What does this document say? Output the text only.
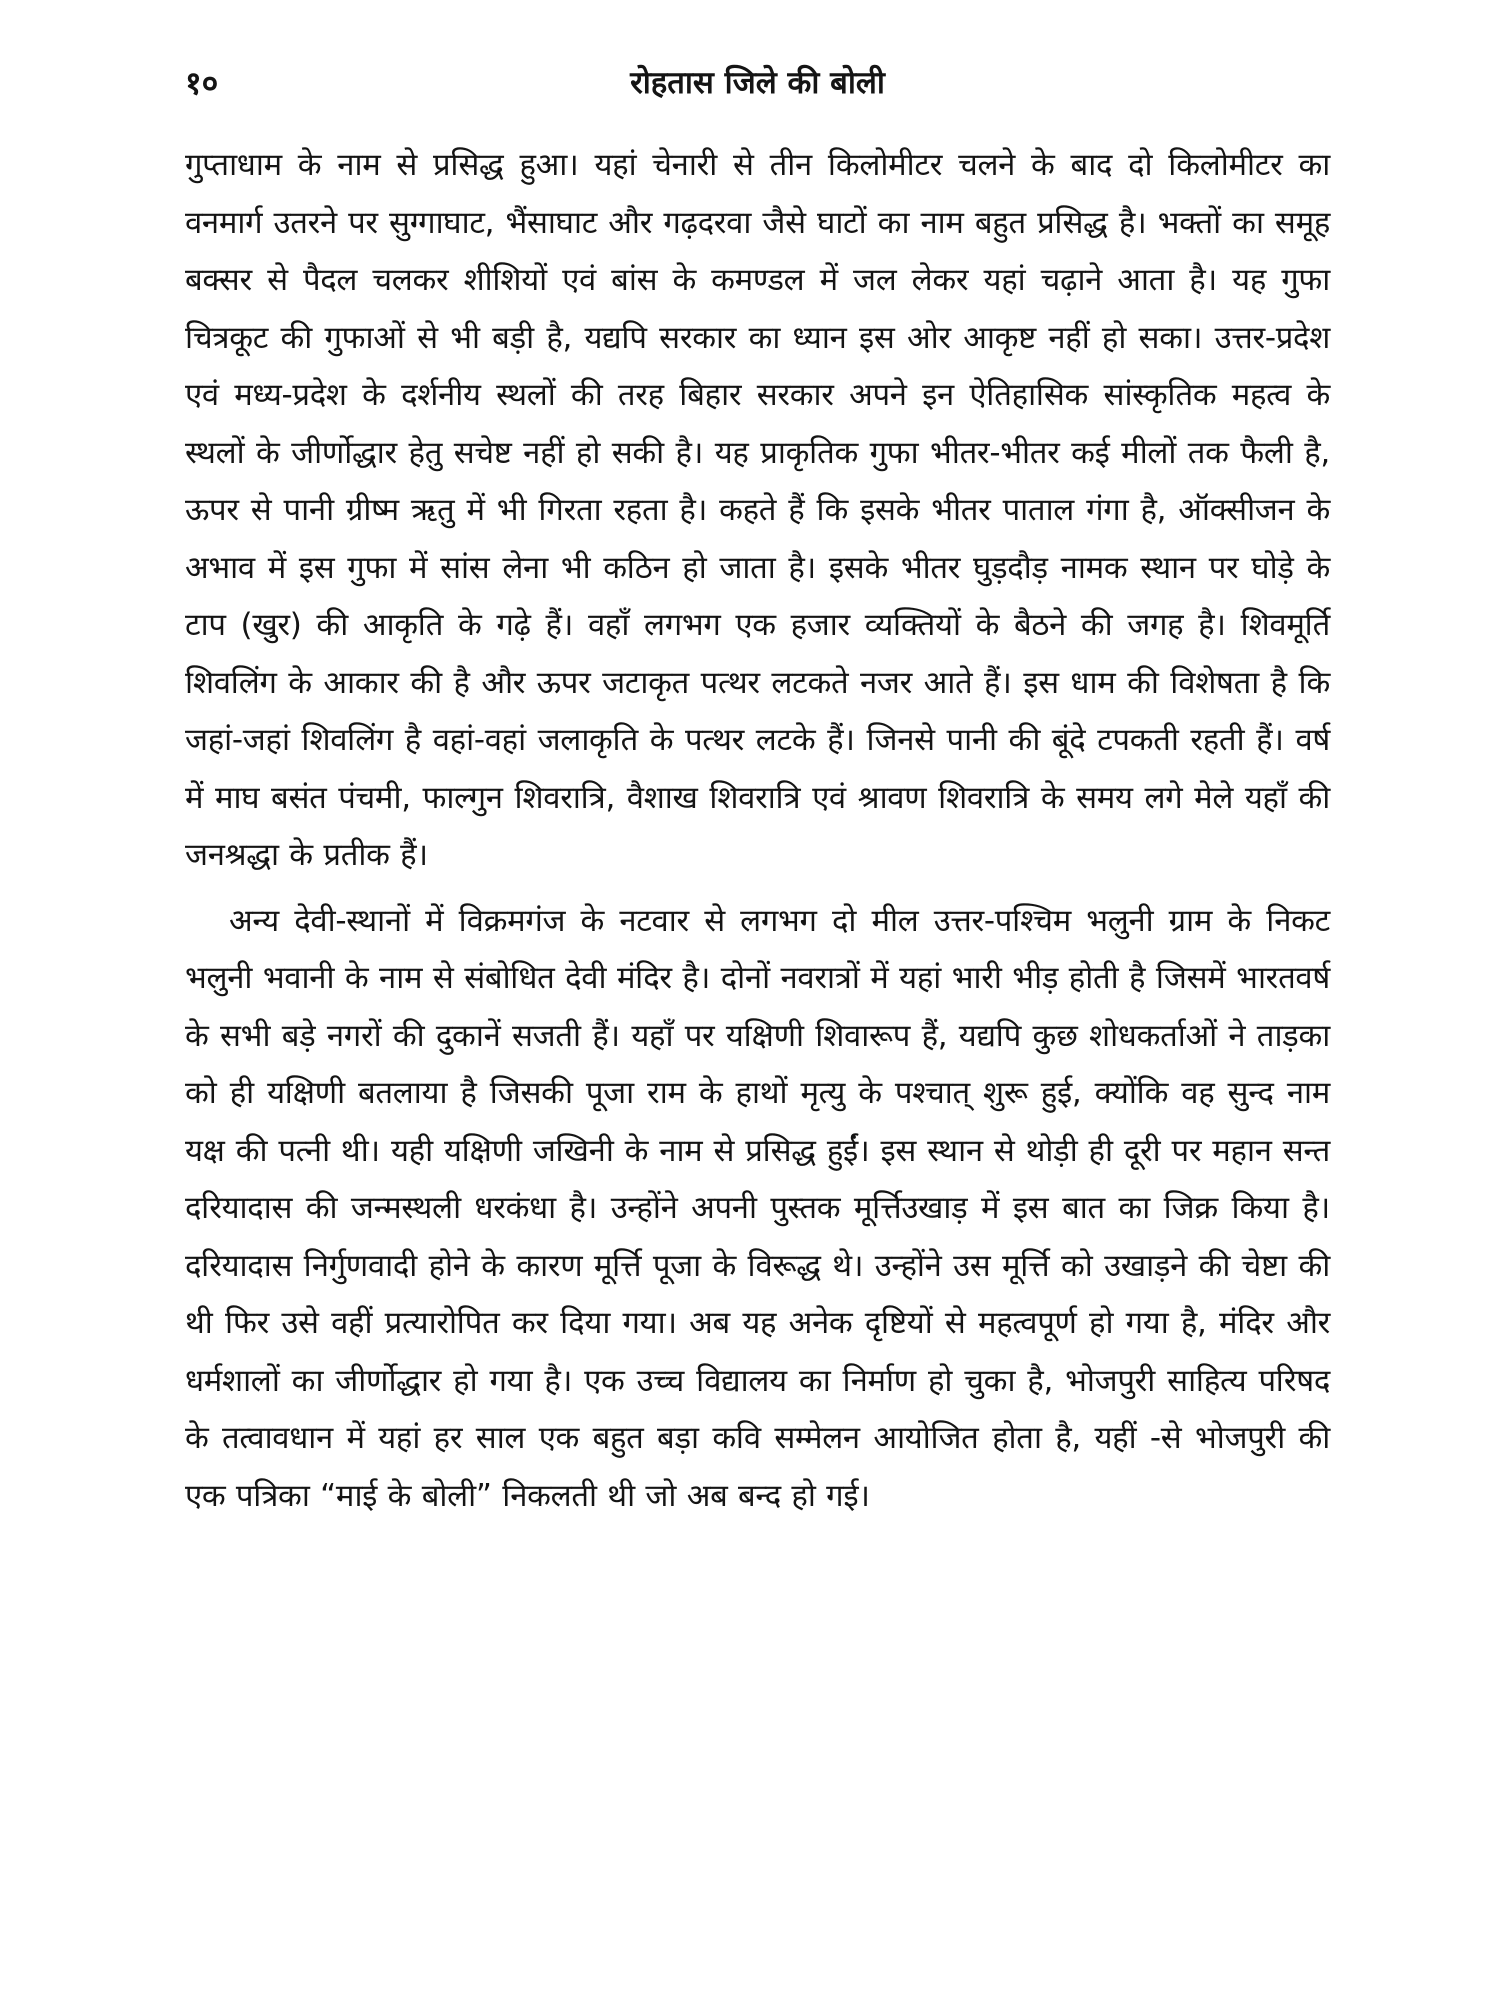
१०	रोहतास जिले की बोली

गुप्ताधाम के नाम से प्रसिद्ध हुआ। यहां चेनारी से तीन किलोमीटर चलने के बाद दो किलोमीटर का वनमार्ग उतरने पर सुग्गाघाट, भैंसाघाट और गढ़दरवा जैसे घाटों का नाम बहुत प्रसिद्ध है। भक्तों का समूह बक्सर से पैदल चलकर शीशियों एवं बांस के कमण्डल में जल लेकर यहां चढ़ाने आता है। यह गुफा चित्रकूट की गुफाओं से भी बड़ी है, यद्यपि सरकार का ध्यान इस ओर आकृष्ट नहीं हो सका। उत्तर-प्रदेश एवं मध्य-प्रदेश के दर्शनीय स्थलों की तरह बिहार सरकार अपने इन ऐतिहासिक सांस्कृतिक महत्व के स्थलों के जीर्णोद्धार हेतु सचेष्ट नहीं हो सकी है। यह प्राकृतिक गुफा भीतर-भीतर कई मीलों तक फैली है, ऊपर से पानी ग्रीष्म ऋतु में भी गिरता रहता है। कहते हैं कि इसके भीतर पाताल गंगा है, ऑक्सीजन के अभाव में इस गुफा में सांस लेना भी कठिन हो जाता है। इसके भीतर घुड़दौड़ नामक स्थान पर घोड़े के टाप (खुर) की आकृति के गढ़े हैं। वहाँ लगभग एक हजार व्यक्तियों के बैठने की जगह है। शिवमूर्ति शिवलिंग के आकार की है और ऊपर जटाकृत पत्थर लटकते नजर आते हैं। इस धाम की विशेषता है कि जहां-जहां शिवलिंग है वहां-वहां जलाकृति के पत्थर लटके हैं। जिनसे पानी की बूंदे टपकती रहती हैं। वर्ष में माघ बसंत पंचमी, फाल्गुन शिवरात्रि, वैशाख शिवरात्रि एवं श्रावण शिवरात्रि के समय लगे मेले यहाँ की जनश्रद्धा के प्रतीक हैं।

अन्य देवी-स्थानों में विक्रमगंज के नटवार से लगभग दो मील उत्तर-पश्चिम भलुनी ग्राम के निकट भलुनी भवानी के नाम से संबोधित देवी मंदिर है। दोनों नवरात्रों में यहां भारी भीड़ होती है जिसमें भारतवर्ष के सभी बड़े नगरों की दुकानें सजती हैं। यहाँ पर यक्षिणी शिवारूप हैं, यद्यपि कुछ शोधकर्ताओं ने ताड़का को ही यक्षिणी बतलाया है जिसकी पूजा राम के हाथों मृत्यु के पश्चात् शुरू हुई, क्योंकि वह सुन्द नाम यक्ष की पत्नी थी। यही यक्षिणी जखिनी के नाम से प्रसिद्ध हुईं। इस स्थान से थोड़ी ही दूरी पर महान सन्त दरियादास की जन्मस्थली धरकंधा है। उन्होंने अपनी पुस्तक मूर्त्तिउखाड़ में इस बात का जिक्र किया है। दरियादास निर्गुणवादी होने के कारण मूर्त्ति पूजा के विरूद्ध थे। उन्होंने उस मूर्त्ति को उखाड़ने की चेष्टा की थी फिर उसे वहीं प्रत्यारोपित कर दिया गया। अब यह अनेक दृष्टियों से महत्वपूर्ण हो गया है, मंदिर और धर्मशालों का जीर्णोद्धार हो गया है। एक उच्च विद्यालय का निर्माण हो चुका है, भोजपुरी साहित्य परिषद के तत्वावधान में यहां हर साल एक बहुत बड़ा कवि सम्मेलन आयोजित होता है, यहीं -से भोजपुरी की एक पत्रिका “माई के बोली” निकलती थी जो अब बन्द हो गई।
